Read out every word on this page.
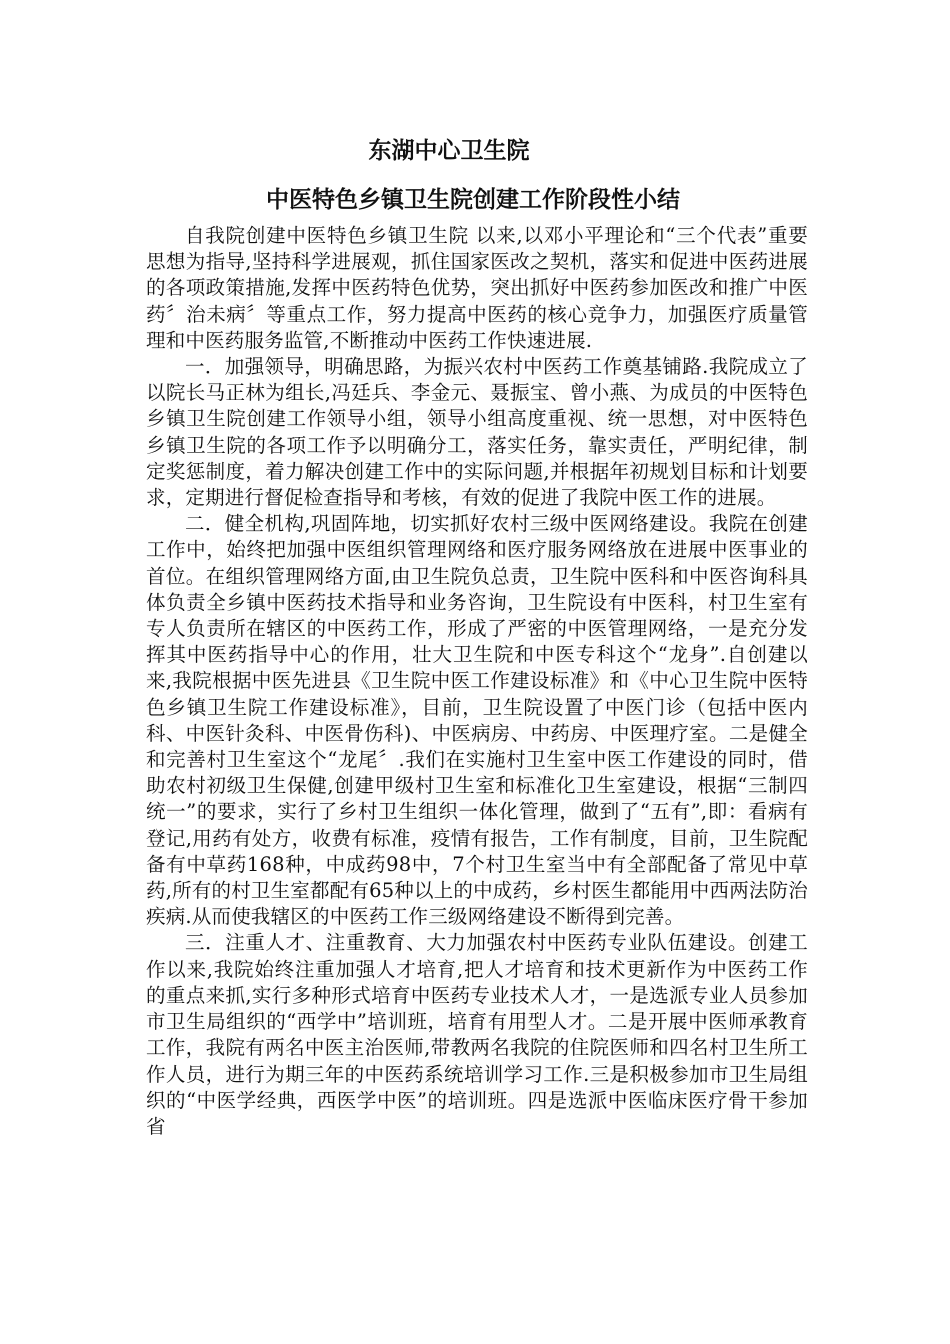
东湖中心卫生院
中医特色乡镇卫生院创建工作阶段性小结

自我院创建中医特色乡镇卫生院 以来,以邓小平理论和“三个代表”重要思想为指导,坚持科学进展观，抓住国家医改之契机，落实和促进中医药进展的各项政策措施,发挥中医药特色优势，突出抓好中医药参加医改和推广中医药〞治未病〞等重点工作，努力提高中医药的核心竞争力，加强医疗质量管理和中医药服务监管,不断推动中医药工作快速进展.

一．加强领导，明确思路，为振兴农村中医药工作奠基铺路.我院成立了以院长马正林为组长,冯廷兵、李金元、聂振宝、曾小燕、为成员的中医特色乡镇卫生院创建工作领导小组，领导小组高度重视、统一思想，对中医特色乡镇卫生院的各项工作予以明确分工，落实任务，靠实责任，严明纪律，制定奖惩制度，着力解决创建工作中的实际问题,并根据年初规划目标和计划要求，定期进行督促检查指导和考核，有效的促进了我院中医工作的进展。

二．健全机构,巩固阵地，切实抓好农村三级中医网络建设。我院在创建工作中，始终把加强中医组织管理网络和医疗服务网络放在进展中医事业的首位。在组织管理网络方面,由卫生院负总责，卫生院中医科和中医咨询科具体负责全乡镇中医药技术指导和业务咨询，卫生院设有中医科，村卫生室有专人负责所在辖区的中医药工作，形成了严密的中医管理网络，一是充分发挥其中医药指导中心的作用，壮大卫生院和中医专科这个“龙身”.自创建以来,我院根据中医先进县《卫生院中医工作建设标准》和《中心卫生院中医特色乡镇卫生院工作建设标准》，目前，卫生院设置了中医门诊（包括中医内科、中医针灸科、中医骨伤科)、中医病房、中药房、中医理疗室。二是健全和完善村卫生室这个“龙尾〞.我们在实施村卫生室中医工作建设的同时，借助农村初级卫生保健,创建甲级村卫生室和标准化卫生室建设，根据“三制四统一”的要求，实行了乡村卫生组织一体化管理，做到了“五有”,即：看病有登记,用药有处方，收费有标准，疫情有报告，工作有制度，目前，卫生院配备有中草药168种，中成药98中，7个村卫生室当中有全部配备了常见中草药,所有的村卫生室都配有65种以上的中成药，乡村医生都能用中西两法防治疾病.从而使我辖区的中医药工作三级网络建设不断得到完善。

三．注重人才、注重教育、大力加强农村中医药专业队伍建设。创建工作以来,我院始终注重加强人才培育,把人才培育和技术更新作为中医药工作的重点来抓,实行多种形式培育中医药专业技术人才，一是选派专业人员参加市卫生局组织的“西学中”培训班，培育有用型人才。二是开展中医师承教育工作，我院有两名中医主治医师,带教两名我院的住院医师和四名村卫生所工作人员，进行为期三年的中医药系统培训学习工作.三是积极参加市卫生局组织的“中医学经典，西医学中医”的培训班。四是选派中医临床医疗骨干参加省
